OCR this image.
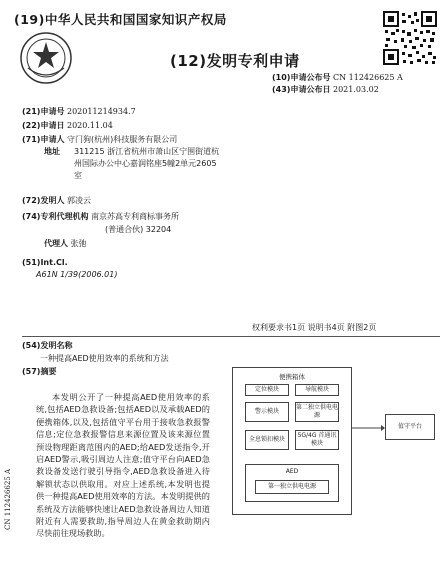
(19)中华人民共和国国家知识产权局
(12)发明专利申请
(10)申请公布号 CN 112426625 A
(43)申请公布日 2021.03.02
(21)申请号 202011214934.7
(22)申请日 2020.11.04
(71)申请人 守门狗(杭州)科技服务有限公司
地址 311215 浙江省杭州市萧山区宁围街道杭州国际办公中心嘉润铭座5幢2单元2605室
(72)发明人 郭凌云
(74)专利代理机构 南京苏高专利商标事务所
(普通合伙) 32204
代理人 张弛
(51)Int.Cl.
A61N 1/39(2006.01)
权利要求书1页 说明书4页 附图2页
(54)发明名称
一种提高AED使用效率的系统和方法
(57)摘要
本发明公开了一种提高AED使用效率的系统,包括AED急救设备;包括AED以及承载AED的便携箱体,以及,包括值守平台用于接收急救报警信息;定位急救报警信息来源位置及该来源位置预设物理距离范围内的AED;给AED发送指令,开启AED警示,吸引周边人注意;值守平台向AED急救设备发送行驶引导指令,AED急救设备进入待解锁状态以供取用。对应上述系统,本发明也提供一种提高AED使用效率的方法。本发明提供的系统及方法能够快速让AED急救设备周边人知道附近有人需要救助,指导周边人在黄金救助期内尽快前往现场救助。
CN 112426625 A
便携箱体
定位模块	导航模块
警示模块
第二独立供电电源
全息锁扣模块
5G/4G 首通讯模块
AED
第一独立供电电源
值守平台
